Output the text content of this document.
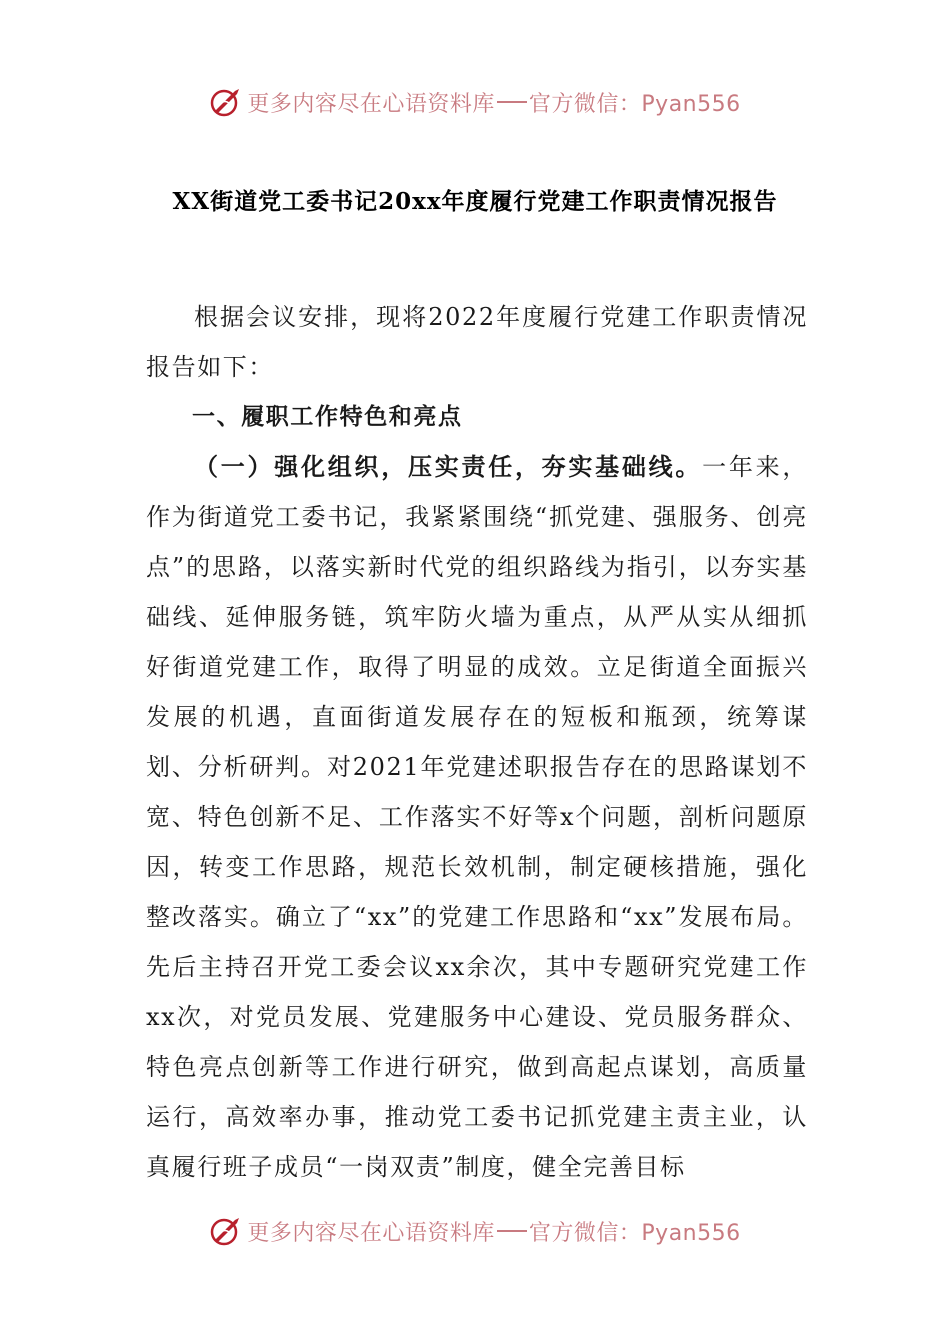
更多内容尽在心语资料库 官方微信：Pyan556
XX街道党工委书记20xx年度履行党建工作职责情况报告

根据会议安排，现将2022年度履行党建工作职责情况报告如下：

一、履职工作特色和亮点

（一）强化组织，压实责任，夯实基础线。一年来，作为街道党工委书记，我紧紧围绕“抓党建、强服务、创亮点”的思路，以落实新时代党的组织路线为指引，以夯实基础线、延伸服务链，筑牢防火墙为重点，从严从实从细抓好街道党建工作，取得了明显的成效。立足街道全面振兴发展的机遇，直面街道发展存在的短板和瓶颈，统筹谋划、分析研判。对2021年党建述职报告存在的思路谋划不宽、特色创新不足、工作落实不好等x个问题，剖析问题原因，转变工作思路，规范长效机制，制定硬核措施，强化整改落实。确立了“xx”的党建工作思路和“xx”发展布局。先后主持召开党工委会议xx余次，其中专题研究党建工作xx次，对党员发展、党建服务中心建设、党员服务群众、特色亮点创新等工作进行研究，做到高起点谋划，高质量运行，高效率办事，推动党工委书记抓党建主责主业，认真履行班子成员“一岗双责”制度，健全完善目标

更多内容尽在心语资料库 官方微信：Pyan556
